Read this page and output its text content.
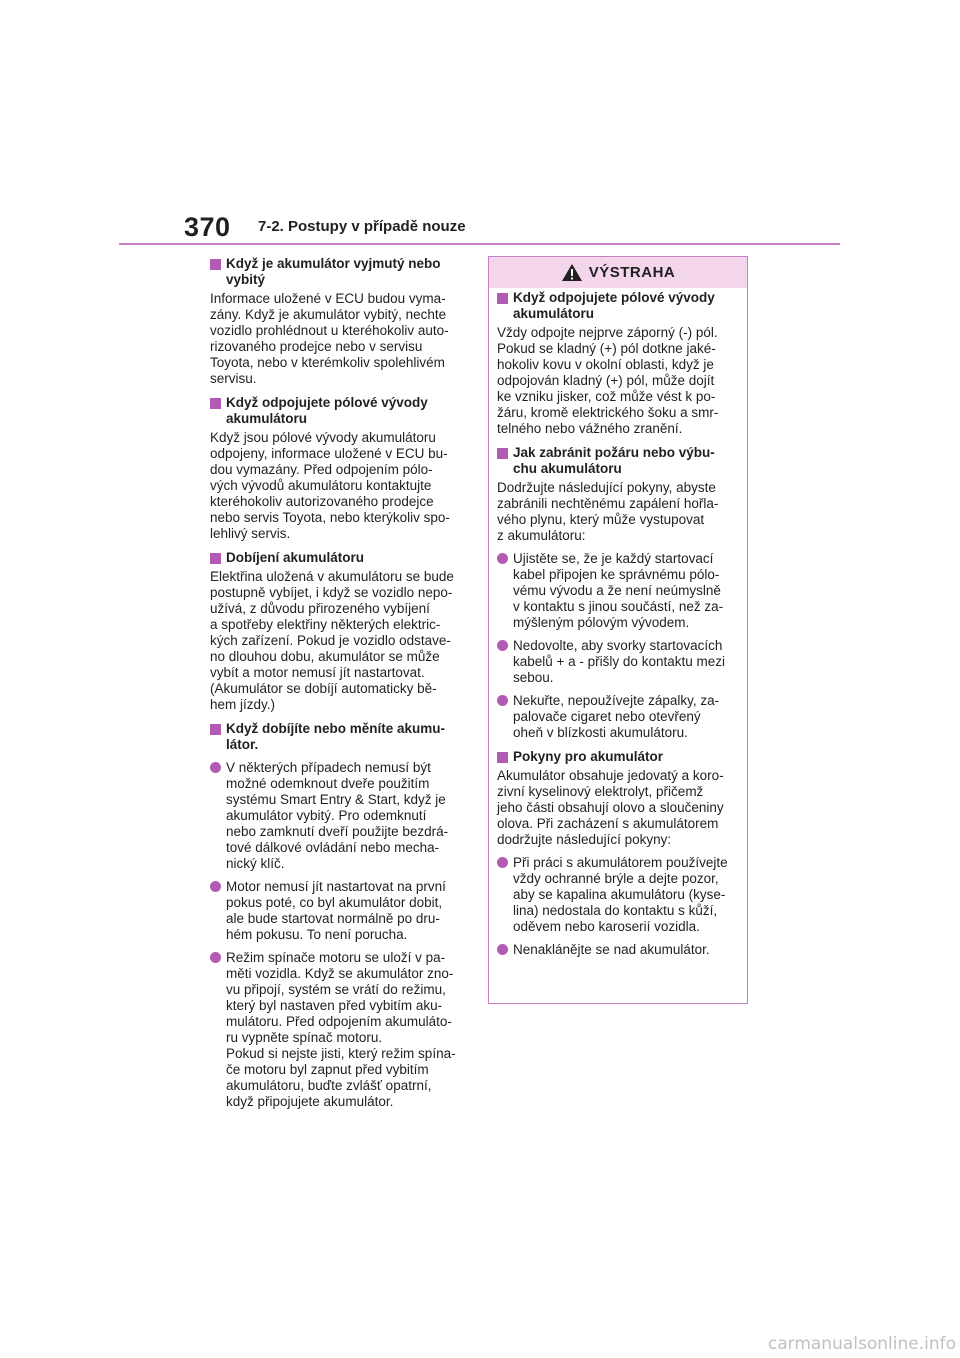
370 7-2. Postupy v případě nouze
Když je akumulátor vyjmutý nebo
vybitý
Informace uložené v ECU budou vyma-
zány. Když je akumulátor vybitý, nechte
vozidlo prohlédnout u kteréhokoliv auto-
rizovaného prodejce nebo v servisu
Toyota, nebo v kterémkoliv spolehlivém
servisu.
Když odpojujete pólové vývody
akumulátoru
Když jsou pólové vývody akumulátoru
odpojeny, informace uložené v ECU bu-
dou vymazány. Před odpojením pólo-
vých vývodů akumulátoru kontaktujte
kteréhokoliv autorizovaného prodejce
nebo servis Toyota, nebo kterýkoliv spo-
lehlivý servis.
Dobíjení akumulátoru
Elektřina uložená v akumulátoru se bude
postupně vybíjet, i když se vozidlo nepo-
užívá, z důvodu přirozeného vybíjení
a spotřeby elektřiny některých elektric-
kých zařízení. Pokud je vozidlo odstave-
no dlouhou dobu, akumulátor se může
vybít a motor nemusí jít nastartovat.
(Akumulátor se dobíjí automaticky bě-
hem jízdy.)
Když dobíjíte nebo měníte akumu-
látor.
V některých případech nemusí být
možné odemknout dveře použitím
systému Smart Entry & Start, když je
akumulátor vybitý. Pro odemknutí
nebo zamknutí dveří použijte bezdrá-
tové dálkové ovládání nebo mecha-
nický klíč.
Motor nemusí jít nastartovat na první
pokus poté, co byl akumulátor dobit,
ale bude startovat normálně po dru-
hém pokusu. To není porucha.
Režim spínače motoru se uloží v pa-
měti vozidla. Když se akumulátor zno-
vu připojí, systém se vrátí do režimu,
který byl nastaven před vybitím aku-
mulátoru. Před odpojením akumuláto-
ru vypněte spínač motoru.
Pokud si nejste jisti, který režim spína-
če motoru byl zapnut před vybitím
akumulátoru, buďte zvlášť opatrní,
když připojujete akumulátor.
VÝSTRAHA
Když odpojujete pólové vývody
akumulátoru
Vždy odpojte nejprve záporný (-) pól.
Pokud se kladný (+) pól dotkne jaké-
hokoliv kovu v okolní oblasti, když je
odpojován kladný (+) pól, může dojít
ke vzniku jisker, což může vést k po-
žáru, kromě elektrického šoku a smr-
telného nebo vážného zranění.
Jak zabránit požáru nebo výbu-
chu akumulátoru
Dodržujte následující pokyny, abyste
zabránili nechtěnému zapálení hořla-
vého plynu, který může vystupovat
z akumulátoru:
Ujistěte se, že je každý startovací
kabel připojen ke správnému pólo-
vému vývodu a že není neúmyslně
v kontaktu s jinou součástí, než za-
mýšleným pólovým vývodem.
Nedovolte, aby svorky startovacích
kabelů + a - přišly do kontaktu mezi
sebou.
Nekuřte, nepoužívejte zápalky, za-
palovače cigaret nebo otevřený
oheň v blízkosti akumulátoru.
Pokyny pro akumulátor
Akumulátor obsahuje jedovatý a koro-
zivní kyselinový elektrolyt, přičemž
jeho části obsahují olovo a sloučeniny
olova. Při zacházení s akumulátorem
dodržujte následující pokyny:
Při práci s akumulátorem používejte
vždy ochranné brýle a dejte pozor,
aby se kapalina akumulátoru (kyse-
lina) nedostala do kontaktu s kůží,
oděvem nebo karoserií vozidla.
Nenaklánějte se nad akumulátor.
carmanualsonline.info
